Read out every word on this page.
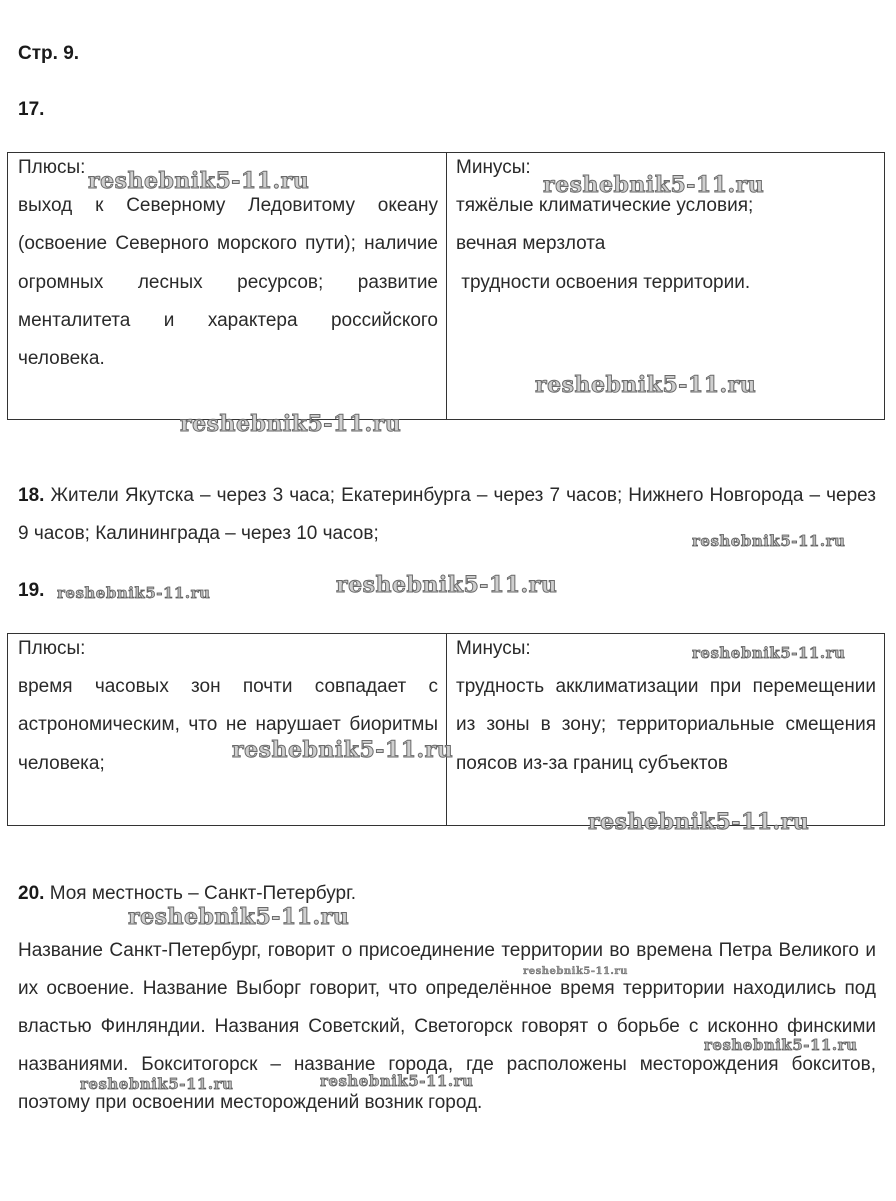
Стр. 9.
17.
Плюсы:
выход к Северному Ледовитому океану (освоение Северного морского пути); наличие огромных лесных ресурсов; развитие менталитета и характера российского человека.
Минусы:
тяжёлые климатические условия;
вечная мерзлота
трудности освоения территории.
18. Жители Якутска – через 3 часа; Екатеринбурга – через 7 часов; Нижнего Новгорода – через 9 часов; Калининграда – через 10 часов;
19.
Плюсы:
время часовых зон почти совпадает с астрономическим, что не нарушает биоритмы человека;
Минусы:
трудность акклиматизации при перемещении из зоны в зону; территориальные смещения поясов из-за границ субъектов
20. Моя местность – Санкт-Петербург.
Название Санкт-Петербург, говорит о присоединение территории во времена Петра Великого и их освоение. Название Выборг говорит, что определённое время территории находились под властью Финляндии. Названия Советский, Светогорск говорят о борьбе с исконно финскими названиями. Бокситогорск – название города, где расположены месторождения бокситов, поэтому при освоении месторождений возник город.
reshebnik5-11.ru	reshebnik5-11.ru
reshebnik5-11.ru
reshebnik5-11.ru
reshebnik5-11.ru
reshebnik5-11.ru
reshebnik5-11.ru
reshebnik5-11.ru
reshebnik5-11.ru
reshebnik5-11.ru
reshebnik5-11.ru
reshebnik5-11.ru
reshebnik5-11.ru
reshebnik5-11.ru	reshebnik5-11.ru
